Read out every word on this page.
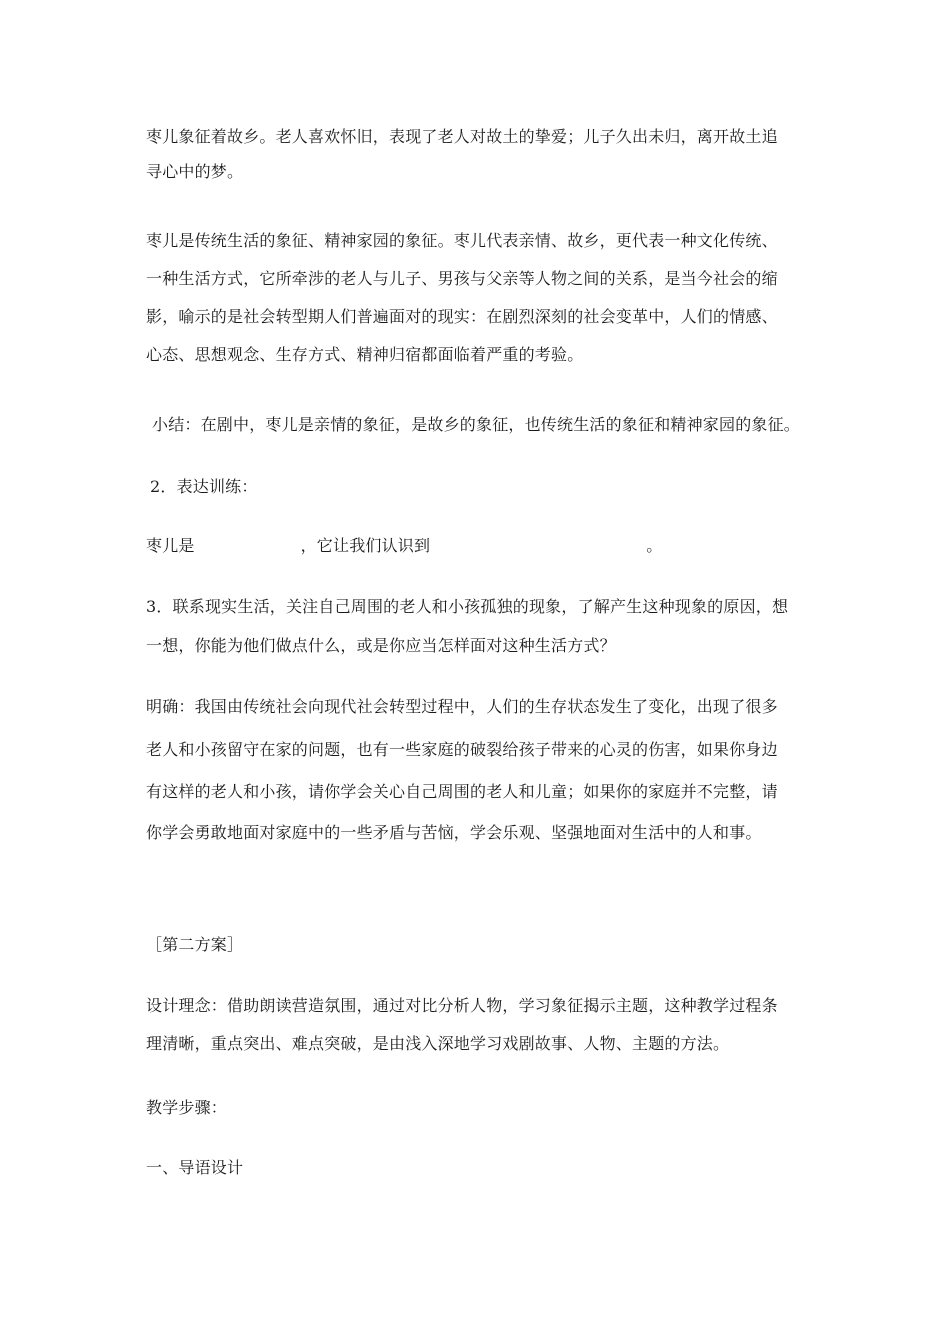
枣儿象征着故乡。老人喜欢怀旧，表现了老人对故土的挚爱；儿子久出未归，离开故土追
寻心中的梦。
枣儿是传统生活的象征、精神家园的象征。枣儿代表亲情、故乡，更代表一种文化传统、
一种生活方式，它所牵涉的老人与儿子、男孩与父亲等人物之间的关系，是当今社会的缩
影，喻示的是社会转型期人们普遍面对的现实：在剧烈深刻的社会变革中，人们的情感、
心态、思想观念、生存方式、精神归宿都面临着严重的考验。
小结：在剧中，枣儿是亲情的象征，是故乡的象征，也传统生活的象征和精神家园的象征。
2．表达训练：
枣儿是	，它让我们认识到	。
3．联系现实生活，关注自己周围的老人和小孩孤独的现象，了解产生这种现象的原因，想
一想，你能为他们做点什么，或是你应当怎样面对这种生活方式？
明确：我国由传统社会向现代社会转型过程中，人们的生存状态发生了变化，出现了很多
老人和小孩留守在家的问题，也有一些家庭的破裂给孩子带来的心灵的伤害，如果你身边
有这样的老人和小孩，请你学会关心自己周围的老人和儿童；如果你的家庭并不完整，请
你学会勇敢地面对家庭中的一些矛盾与苦恼，学会乐观、坚强地面对生活中的人和事。
［第二方案］
设计理念：借助朗读营造氛围，通过对比分析人物，学习象征揭示主题，这种教学过程条
理清晰，重点突出、难点突破，是由浅入深地学习戏剧故事、人物、主题的方法。
教学步骤：
一、导语设计
